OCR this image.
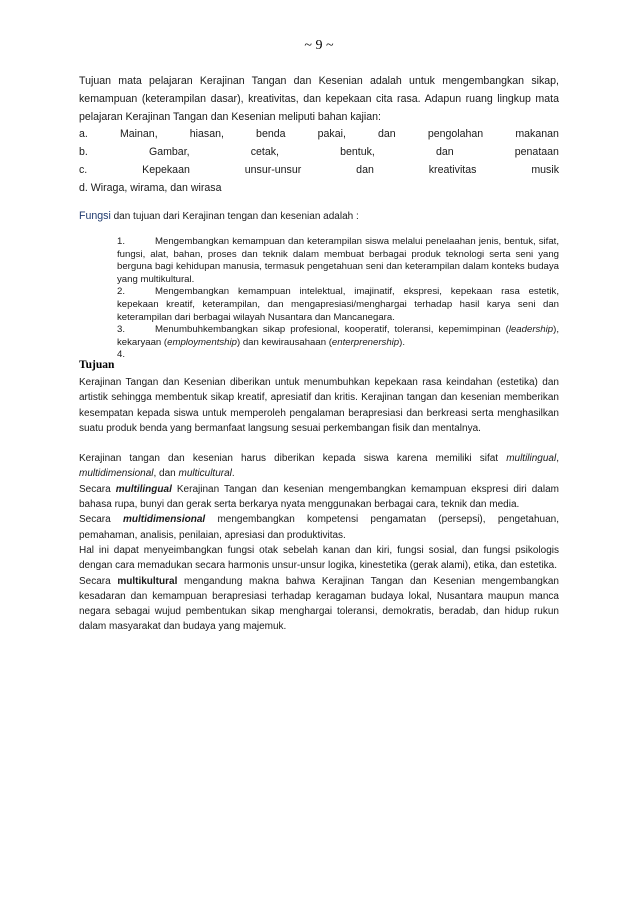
~ 9 ~

Tujuan mata pelajaran Kerajinan Tangan dan Kesenian adalah untuk mengembangkan sikap, kemampuan (keterampilan dasar), kreativitas, dan kepekaan cita rasa. Adapun ruang lingkup mata pelajaran Kerajinan Tangan dan Kesenian meliputi bahan kajian:

a.	Mainan,	hiasan,	benda	pakai,	dan	pengolahan	makanan
b.	Gambar,	cetak,	bentuk,	dan	penataan
c.	Kepekaan	unsur-unsur	dan	kreativitas	musik

d. Wiraga, wirama, dan wirasa

Fungsi dan tujuan dari Kerajinan tengan dan kesenian adalah :

1.	Mengembangkan kemampuan dan keterampilan siswa melalui penelaahan jenis, bentuk, sifat, fungsi, alat, bahan, proses dan teknik dalam membuat berbagai produk teknologi serta seni yang berguna bagi kehidupan manusia, termasuk pengetahuan seni dan keterampilan dalam konteks budaya yang multikultural.

2.	Mengembangkan kemampuan intelektual, imajinatif, ekspresi, kepekaan rasa estetik, kepekaan kreatif, keterampilan, dan mengapresiasi/menghargai terhadap hasil karya seni dan keterampilan dari berbagai wilayah Nusantara dan Mancanegara.

3.	Menumbuhkembangkan sikap profesional, kooperatif, toleransi, kepemimpinan (leadership), kekaryaan (employmentship) dan kewirausahaan (enterprenership).

4.

Tujuan

Kerajinan Tangan dan Kesenian diberikan untuk menumbuhkan kepekaan rasa keindahan (estetika) dan artistik sehingga membentuk sikap kreatif, apresiatif dan kritis. Kerajinan tangan dan kesenian memberikan kesempatan kepada siswa untuk memperoleh pengalaman berapresiasi dan berkreasi serta menghasilkan suatu produk benda yang bermanfaat langsung sesuai perkembangan fisik dan mentalnya.

Kerajinan tangan dan kesenian harus diberikan kepada siswa karena memiliki sifat multilingual, multidimensional, dan multicultural.

Secara multilingual Kerajinan Tangan dan kesenian mengembangkan kemampuan ekspresi diri dalam bahasa rupa, bunyi dan gerak serta berkarya nyata menggunakan berbagai cara, teknik dan media.

Secara multidimensional mengembangkan kompetensi pengamatan (persepsi), pengetahuan, pemahaman, analisis, penilaian, apresiasi dan produktivitas.

Hal ini dapat menyeimbangkan fungsi otak sebelah kanan dan kiri, fungsi sosial, dan fungsi psikologis dengan cara memadukan secara harmonis unsur-unsur logika, kinestetika (gerak alami), etika, dan estetika.

Secara multikultural mengandung makna bahwa Kerajinan Tangan dan Kesenian mengembangkan kesadaran dan kemampuan berapresiasi terhadap keragaman budaya lokal, Nusantara maupun manca negara sebagai wujud pembentukan sikap menghargai toleransi, demokratis, beradab, dan hidup rukun dalam masyarakat dan budaya yang majemuk.
